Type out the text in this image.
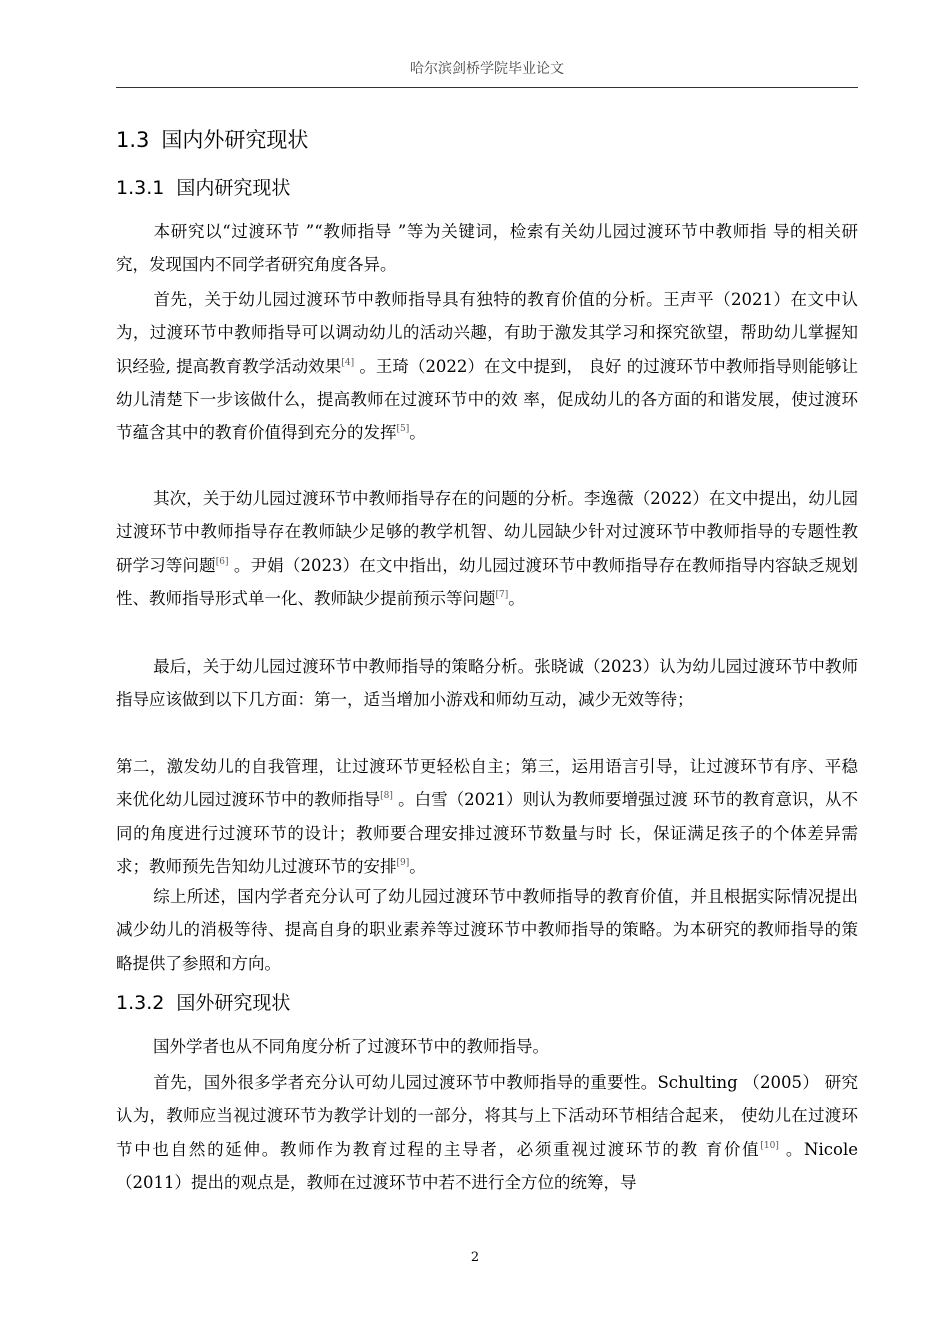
哈尔滨剑桥学院毕业论文
1.3 国内外研究现状
1.3.1 国内研究现状
本研究以“过渡环节 ”“教师指导 ”等为关键词，检索有关幼儿园过渡环节中教师指 导的相关研究，发现国内不同学者研究角度各异。
首先，关于幼儿园过渡环节中教师指导具有独特的教育价值的分析。王声平（2021）在文中认为，过渡环节中教师指导可以调动幼儿的活动兴趣，有助于激发其学习和探究欲望，帮助幼儿掌握知识经验, 提高教育教学活动效果[4] 。王琦（2022）在文中提到， 良好 的过渡环节中教师指导则能够让幼儿清楚下一步该做什么，提高教师在过渡环节中的效 率，促成幼儿的各方面的和谐发展，使过渡环节蕴含其中的教育价值得到充分的发挥[5]。
其次，关于幼儿园过渡环节中教师指导存在的问题的分析。李逸薇（2022）在文中提出，幼儿园过渡环节中教师指导存在教师缺少足够的教学机智、幼儿园缺少针对过渡环节中教师指导的专题性教研学习等问题[6] 。尹娟（2023）在文中指出，幼儿园过渡环节中教师指导存在教师指导内容缺乏规划性、教师指导形式单一化、教师缺少提前预示等问题[7]。
最后，关于幼儿园过渡环节中教师指导的策略分析。张晓诚（2023）认为幼儿园过渡环节中教师指导应该做到以下几方面：第一，适当增加小游戏和师幼互动，减少无效等待；
第二，激发幼儿的自我管理，让过渡环节更轻松自主；第三，运用语言引导，让过渡环节有序、平稳来优化幼儿园过渡环节中的教师指导[8] 。白雪（2021）则认为教师要增强过渡 环节的教育意识，从不同的角度进行过渡环节的设计；教师要合理安排过渡环节数量与时 长，保证满足孩子的个体差异需求；教师预先告知幼儿过渡环节的安排[9]。
综上所述，国内学者充分认可了幼儿园过渡环节中教师指导的教育价值，并且根据实际情况提出减少幼儿的消极等待、提高自身的职业素养等过渡环节中教师指导的策略。为本研究的教师指导的策略提供了参照和方向。
1.3.2 国外研究现状
国外学者也从不同角度分析了过渡环节中的教师指导。
首先，国外很多学者充分认可幼儿园过渡环节中教师指导的重要性。Schulting （2005） 研究认为，教师应当视过渡环节为教学计划的一部分，将其与上下活动环节相结合起来， 使幼儿在过渡环节中也自然的延伸。教师作为教育过程的主导者，必须重视过渡环节的教 育价值[10] 。Nicole（2011）提出的观点是，教师在过渡环节中若不进行全方位的统筹，导
2
